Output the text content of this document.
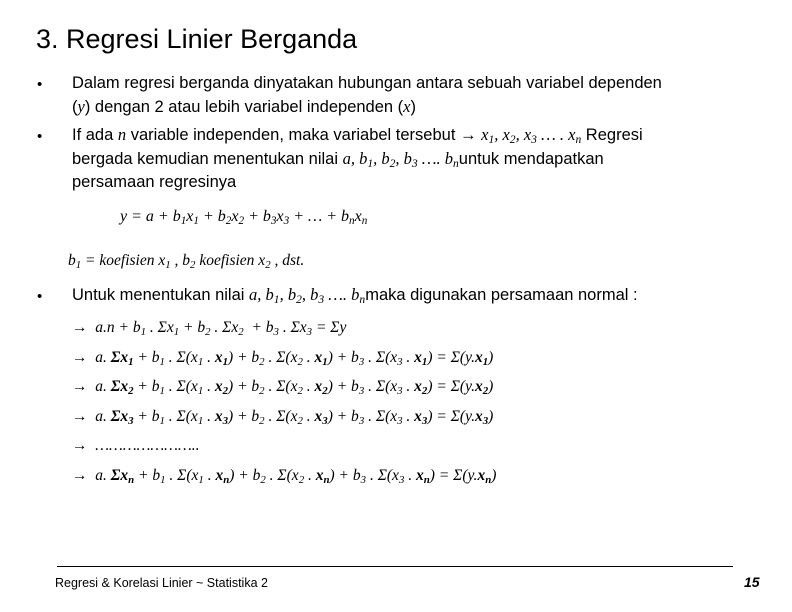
3. Regresi Linier Berganda
• Dalam regresi berganda dinyatakan hubungan antara sebuah variabel dependen
(y) dengan 2 atau lebih variabel independen (x)
• If ada n variable independen, maka variabel tersebut → $x_1$, $x_2$, $x_3$ … . $x_n$ Regresi
bergada kemudian menentukan nilai a, $b_1$, $b_2$, $b_3$ …. $b_nuntuk$ mendapatkan
persamaan regresinya
$y = a + b_1x_1 + b_2x_2 + b_3x_3$ + … + $b_nx_n$
$b_1$ = koefisien $x_1$ , $b_2$ koefisien $x_2$ , dst.
• Untuk menentukan nilai a, $b_1$, $b_2$, $b_3$ …. $b_nmaka$ digunakan persamaan normal :
→ $a.n + b_1$ . $\Sigma x_1 + b_2$ . $\Sigma x_2 + b_3$ . $\Sigma x_3 = \Sigma y$
→ a. $\Sigma x_1 + b_1$ . $\Sigma(x_1$ . $x_1) + b_2$ . $\Sigma(x_2$ . $x_1) + b_3$ . $\Sigma(x_3$ . $x_1) = \Sigma(y.x_1)$
→ a. $\Sigma x_2 + b_1$ . $\Sigma(x_1$ . $x_2) + b_2$ . $\Sigma(x_2$ . $x_2) + b_3$ . $\Sigma(x_3$ . $x_2) = \Sigma(y.x_2)$
→ a. $\Sigma x_3 + b_1$ . $\Sigma(x_1$ . $x_3) + b_2$ . $\Sigma(x_2$ . $x_3) + b_3$ . $\Sigma(x_3$ . $x_3) = \Sigma(y.x_3)$
→ …………………..
→ a. $\Sigma x_n + b_1$ . $\Sigma(x_1$ . $x_n) + b_2$ . $\Sigma(x_2$ . $x_n) + b_3$ . $\Sigma(x_3$ . $x_n) = \Sigma(y.x_n)$
Regresi & Korelasi Linier ~ Statistika 2	15
